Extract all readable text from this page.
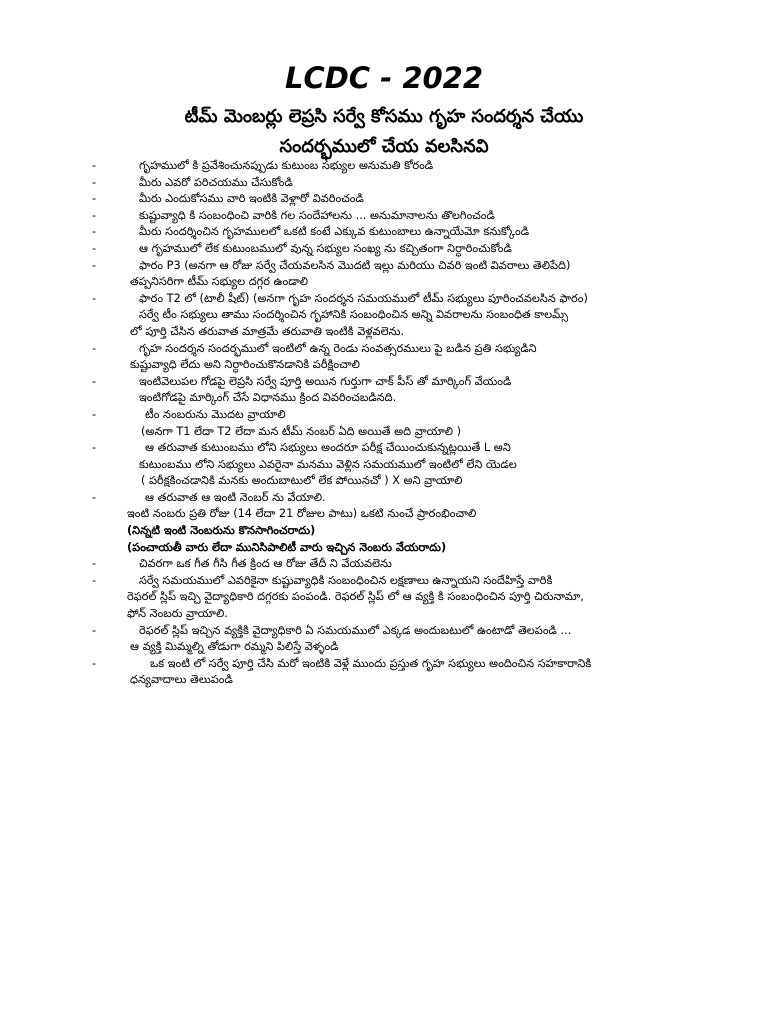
LCDC - 2022
టీమ్ మెంబర్లు లెప్రసి సర్వే కోసము గృహ సందర్శన చేయు
సందర్భములో చేయ వలసినవి
-	గృహములో కి ప్రవేశించునప్పుడు కుటుంబ సభ్యుల అనుమతి కోరండి
-	మీరు ఎవరో పరిచయము చేసుకోండి
-	మీరు ఎందుకోసము వారి ఇంటికి వెళ్లారో వివరించండి
-	కుష్టువ్యాధి కి సంబంధించి వారికి గల సందేహాలను ... అనుమానాలను తొలగించండి
-	మీరు సందర్శించిన గృహములలో ఒకటి కంటే ఎక్కువ కుటుంబాలు ఉన్నాయేమో కనుక్కోండి
-	ఆ గృహములో లేక కుటుంబములో వున్న సభ్యుల సంఖ్య ను కచ్చితంగా నిర్ధారించుకోండి
-	ఫారం P3 (అనగా ఆ రోజు సర్వే చేయవలసిన మొదటి ఇల్లు మరియు చివరి ఇంటి వివరాలు తెలిపేది)
తప్పనిసరిగా టీమ్ సభ్యుల దగ్గర ఉండాలి
-	ఫారం T2 లో (టాలీ షీట్) (అనగా గృహ సందర్శన సమయములో టీమ్ సభ్యులు పూరించవలసిన ఫారం)
సర్వే టీం సభ్యులు తాము సందర్శించిన గృహానికి సంబంధించిన అన్ని వివరాలను సంబంధిత కాలమ్స్
లో పూర్తి చేసిన తరువాత మాత్రమే తరువాతి ఇంటికి వెళ్లవలెను.
-	గృహ సందర్శన సందర్భములో ఇంటిలో ఉన్న రెండు సంవత్సరములు పై బడిన ప్రతి సభ్యుడిని
కుష్టువ్యాధి లేదు అని నిర్ధారించుకొనడానికి పరీక్షించాలి
-	ఇంటివెలుపల గోడపై లెప్రసి సర్వే పూర్తి అయిన గుర్తుగా చాక్ పీస్ తో మార్కింగ్ వేయండి
ఇంటిగోడపై మార్కింగ్ చేసే విధానము క్రింద వివరించబడినది.
-	టీం నంబరును మొదట వ్రాయాలి
(అనగా T1 లేదా T2 లేదా మన టీమ్ నంబర్ ఏది అయితే అది వ్రాయాలి )
-	ఆ తరువాత కుటుంబము లోని సభ్యులు అందరూ పరీక్ష చేయించుకున్నట్లయితే L అని
కుటుంబము లోని సభ్యులు ఎవరైనా మనము వెళ్లిన సమయములో ఇంటిలో లేని యెడల
( పరీక్షకించడానికి మనకు అందుబాటులో లేక పోయినచో ) X అని వ్రాయాలి
-	ఆ తరువాత ఆ ఇంటి నెంబర్ ను వేయాలి.
ఇంటి నంబరు ప్రతి రోజు (14 లేదా 21 రోజుల పాటు) ఒకటి నుంచే ప్రారంభించాలి
(నిన్నటి ఇంటి నెంబరును కొనసాగించరాదు)
(పంచాయతీ వారు లేదా మునిసిపాలిటీ వారు ఇచ్చిన నెంబరు వేయరాదు)
-	చివరగా ఒక గీత గీసి గీత క్రింద ఆ రోజు తేదీ ని వేయవలెను
-	సర్వే సమయములో ఎవరికైనా కుష్టువ్యాధికి సంబంధించిన లక్షణాలు ఉన్నాయని సందేహిస్తే వారికి
రెఫరల్ స్లిప్ ఇచ్చి వైద్యాధికారి దగ్గరకు పంపండి. రెఫరల్ స్లిప్ లో ఆ వ్యక్తి కి సంబంధించిన పూర్తి చిరునామా,
ఫోన్ నెంబరు వ్రాయాలి.
-	రెఫరల్ స్లిప్ ఇచ్చిన వ్యక్తికి వైద్యాధికారి ఏ సమయములో ఎక్కడ అందుబటులో ఉంటాడో తెలపండి ...
ఆ వ్యక్తి మిమ్మల్ని తోడుగా రమ్మని పిలిస్తే వెళ్ళండి
-	ఒక ఇంటి లో సర్వే పూర్తి చేసి మరో ఇంటికి వెళ్లే ముందు ప్రస్తుత గృహ సభ్యులు అందించిన సహకారానికి
ధన్యవాదాలు తెలుపండి
